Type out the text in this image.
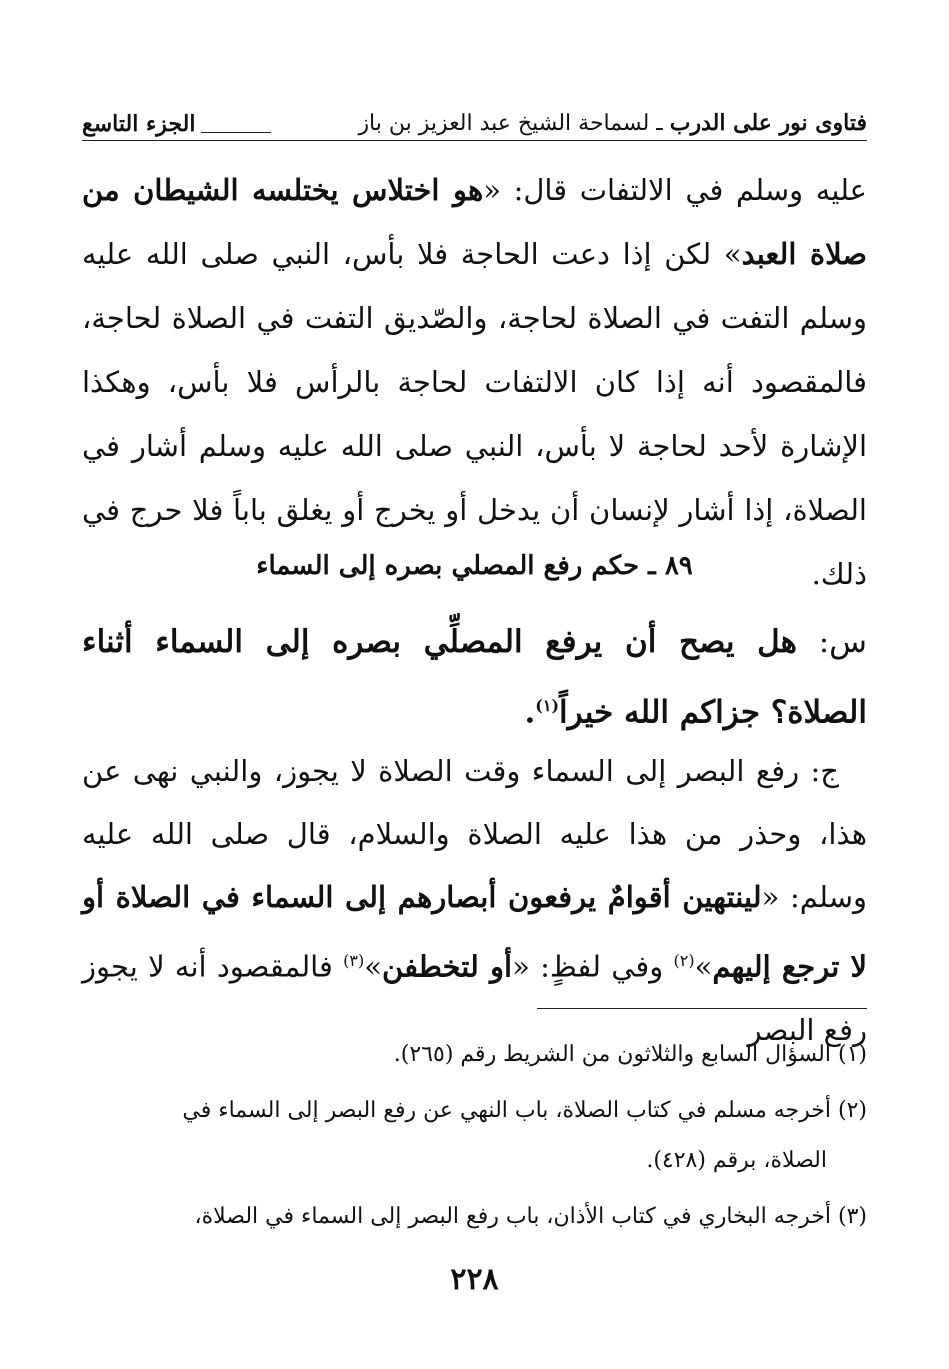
فتاوى نور على الدرب ـ لسماحة الشيخ عبد العزيز بن باز
الجزء التاسع

عليه وسلم في الالتفات قال: «هو اختلاس يختلسه الشيطان من صلاة العبد» لكن إذا دعت الحاجة فلا بأس، النبي صلى الله عليه وسلم التفت في الصلاة لحاجة، والصّديق التفت في الصلاة لحاجة، فالمقصود أنه إذا كان الالتفات لحاجة بالرأس فلا بأس، وهكذا الإشارة لأحد لحاجة لا بأس، النبي صلى الله عليه وسلم أشار في الصلاة، إذا أشار لإنسان أن يدخل أو يخرج أو يغلق باباً فلا حرج في ذلك.

٨٩ ـ حكم رفع المصلي بصره إلى السماء
س: هل يصح أن يرفع المصلِّي بصره إلى السماء أثناء الصلاة؟ جزاكم الله خيراً$^{(١)}$.

ج: رفع البصر إلى السماء وقت الصلاة لا يجوز، والنبي نهى عن هذا، وحذر من هذا عليه الصلاة والسلام، قال صلى الله عليه وسلم: «لينتهين أقوامٌ يرفعون أبصارهم إلى السماء في الصلاة أو لا ترجع إليهم»$^{(٢)}$ وفي لفظٍ: «أو لتخطفن»$^{(٣)}$ فالمقصود أنه لا يجوز رفع البصر

(١) السؤال السابع والثلاثون من الشريط رقم (٢٦٥).

(٢) أخرجه مسلم في كتاب الصلاة، باب النهي عن رفع البصر إلى السماء في
الصلاة، برقم (٤٢٨).

(٣) أخرجه البخاري في كتاب الأذان، باب رفع البصر إلى السماء في الصلاة،

٢٢٨
